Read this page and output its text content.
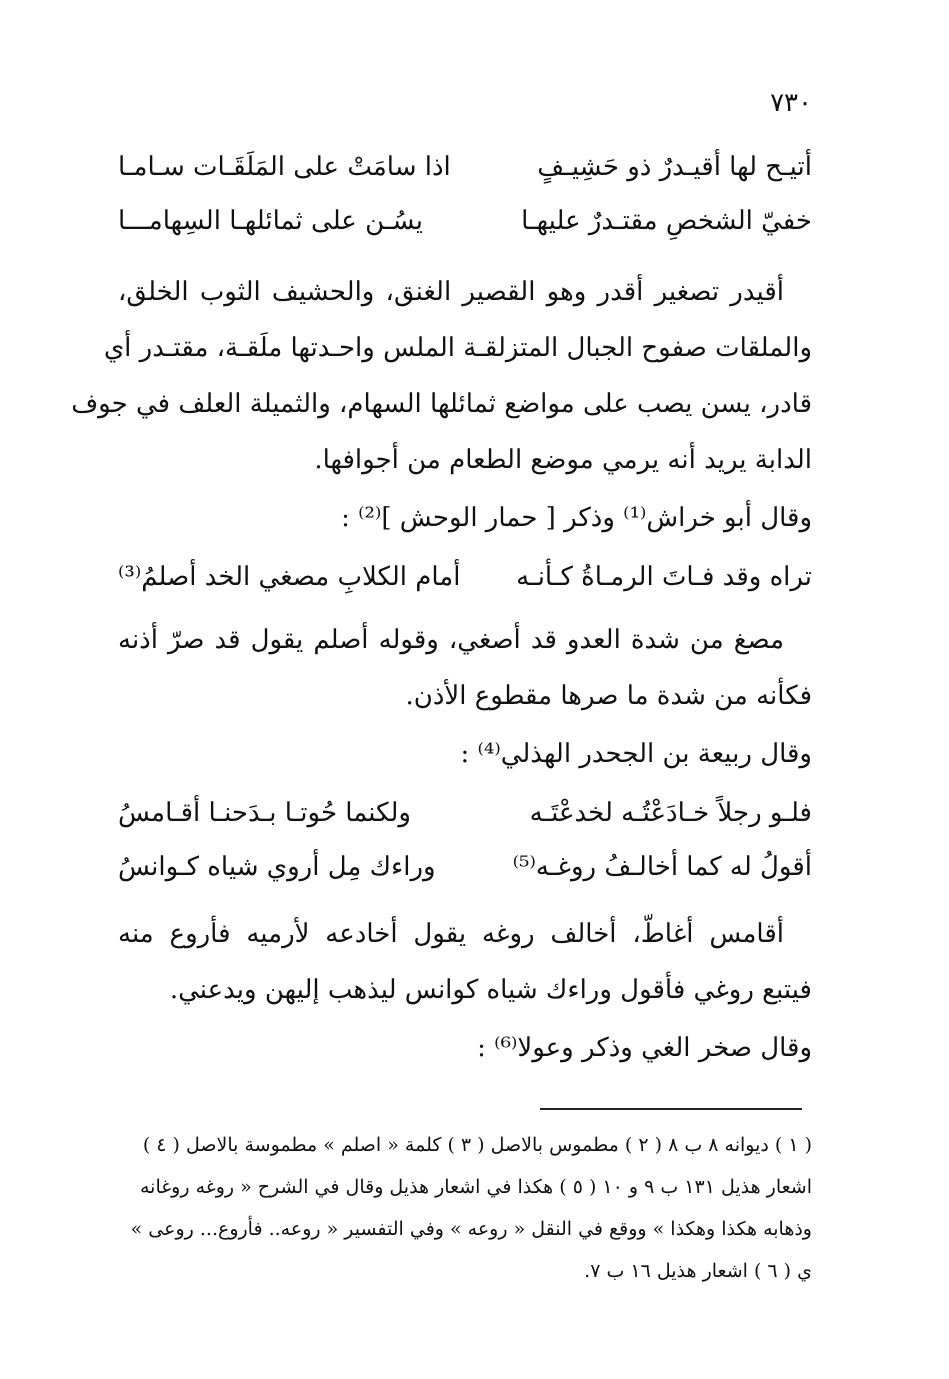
٧٣٠
أتيـح لها أقيـدرٌ ذو حَشِيـفٍ
اذا سامَتْ على المَلَقَـات سـامـا
خفيّ الشخصِ مقتـدرٌ عليهـا
يسُـن على ثمائلهـا السِهامـــا
أقيدر تصغير أقدر وهو القصير الغنق، والحشيف الثوب الخلق،
والملقات صفوح الجبال المتزلقـة الملس واحـدتها ملَقـة، مقتـدر أي
قادر، يسن يصب على مواضع ثمائلها السهام، والثميلة العلف في جوف
الدابة يريد أنه يرمي موضع الطعام من أجوافها.
وقال أبو خراش⁽¹⁾ وذكر [ حمار الوحش ]⁽²⁾ :
تراه وقد فـاتَ الرمـاةُ كـأنـه
أمام الكلابِ مصغي الخد أصلمُ⁽³⁾
مصغ من شدة العدو قد أصغي، وقوله أصلم يقول قد صرّ أذنه
فكأنه من شدة ما صرها مقطوع الأذن.
وقال ربيعة بن الجحدر الهذلي⁽⁴⁾ :
فلـو رجلاً خـادَعْتُـه لخدعْتَـه
ولكنما حُوتـا بـدَحنـا أقـامسُ
أقولُ له كما أخالـفُ روغـه⁽⁵⁾
وراءك مِل أروي شياه كـوانسُ
أقامس أغاطّ، أخالف روغه يقول أخادعه لأرميه فأروع منه
فيتبع روغي فأقول وراءك شياه كوانس ليذهب إليهن ويدعني.
وقال صخر الغي وذكر وعولا⁽⁶⁾ :
( ١ ) ديوانه ٨ ب ٨ ( ٢ ) مطموس بالاصل ( ٣ ) كلمة « اصلم » مطموسة بالاصل ( ٤ )
اشعار هذيل ١٣١ ب ٩ و ١٠ ( ٥ ) هكذا في اشعار هذيل وقال في الشرح « روغه روغانه
وذهابه هكذا وهكذا » ووقع في النقل « روعه » وفي التفسير « روعه.. فأروع... روعى »
ي ( ٦ ) اشعار هذيل ١٦ ب ٧.
